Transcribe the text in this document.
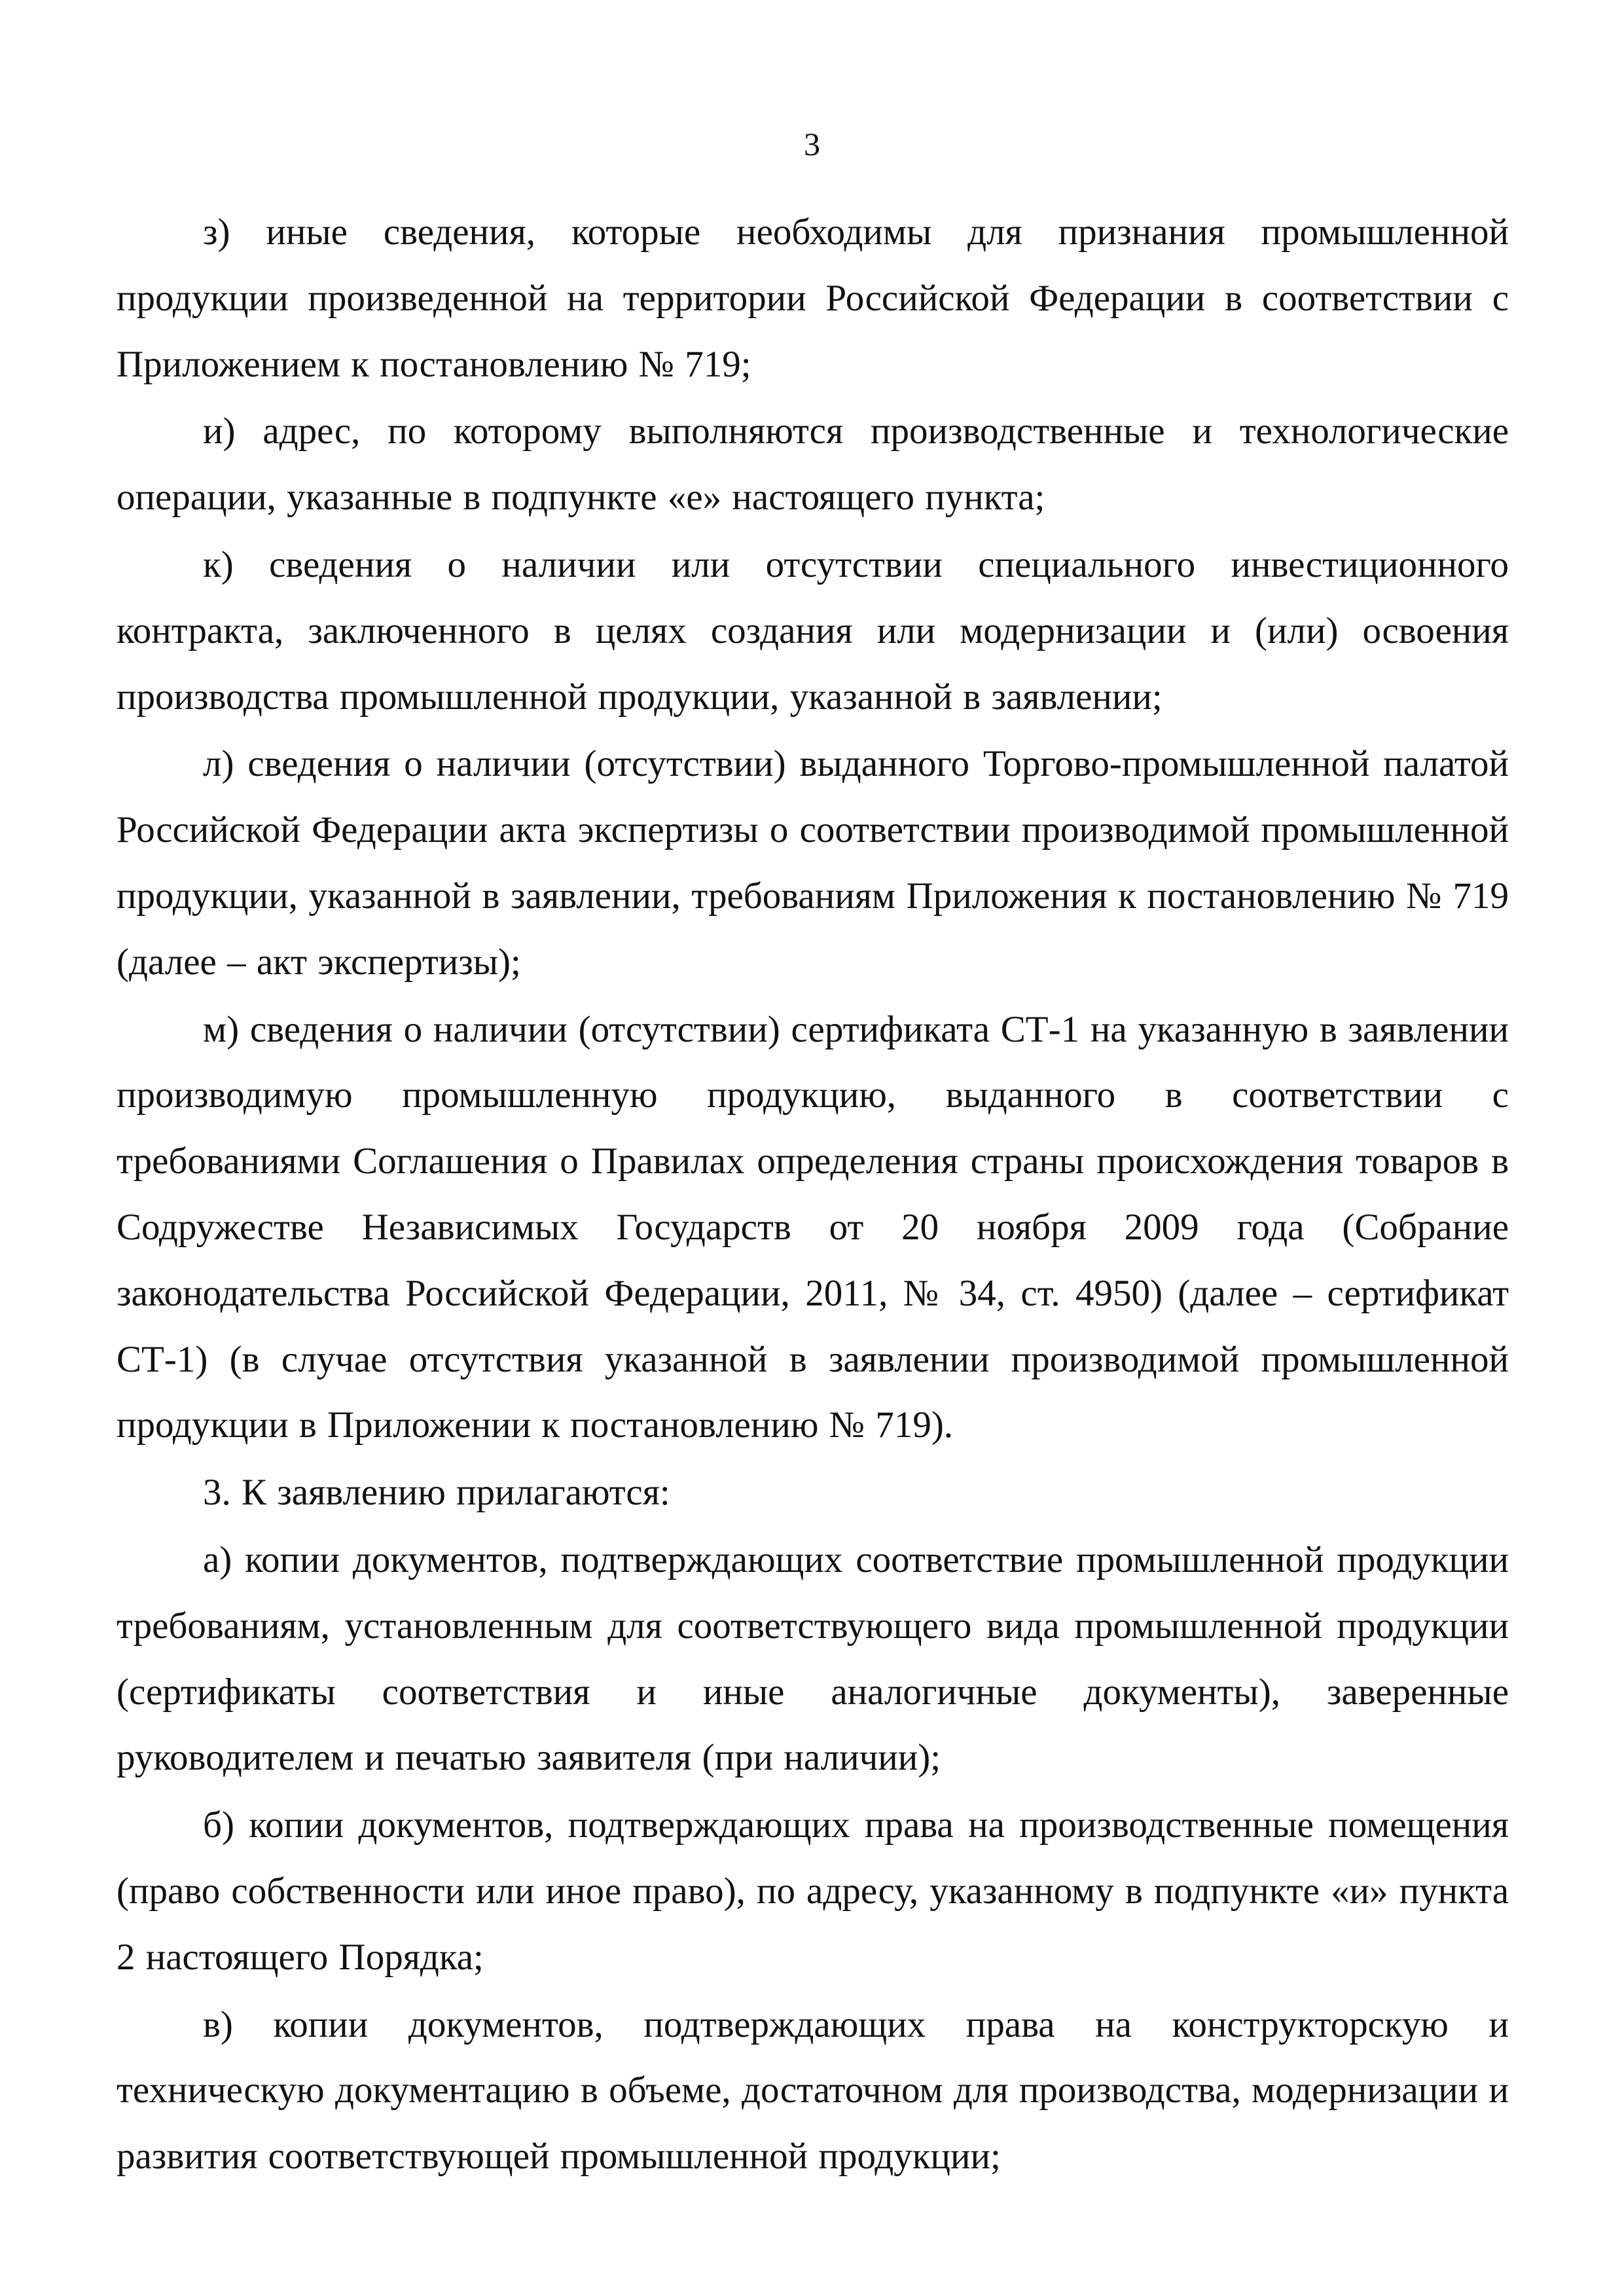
3

з) иные сведения, которые необходимы для признания промышленной продукции произведенной на территории Российской Федерации в соответствии с Приложением к постановлению № 719;

и) адрес, по которому выполняются производственные и технологические операции, указанные в подпункте «е» настоящего пункта;

к) сведения о наличии или отсутствии специального инвестиционного контракта, заключенного в целях создания или модернизации и (или) освоения производства промышленной продукции, указанной в заявлении;

л) сведения о наличии (отсутствии) выданного Торгово-промышленной палатой Российской Федерации акта экспертизы о соответствии производимой промышленной продукции, указанной в заявлении, требованиям Приложения к постановлению № 719 (далее – акт экспертизы);

м) сведения о наличии (отсутствии) сертификата СТ-1 на указанную в заявлении производимую промышленную продукцию, выданного в соответствии с требованиями Соглашения о Правилах определения страны происхождения товаров в Содружестве Независимых Государств от 20 ноября 2009 года (Собрание законодательства Российской Федерации, 2011, № 34, ст. 4950) (далее – сертификат СТ-1) (в случае отсутствия указанной в заявлении производимой промышленной продукции в Приложении к постановлению № 719).

3. К заявлению прилагаются:

а) копии документов, подтверждающих соответствие промышленной продукции требованиям, установленным для соответствующего вида промышленной продукции (сертификаты соответствия и иные аналогичные документы), заверенные руководителем и печатью заявителя (при наличии);

б) копии документов, подтверждающих права на производственные помещения (право собственности или иное право), по адресу, указанному в подпункте «и» пункта 2 настоящего Порядка;

в) копии документов, подтверждающих права на конструкторскую и техническую документацию в объеме, достаточном для производства, модернизации и развития соответствующей промышленной продукции;
